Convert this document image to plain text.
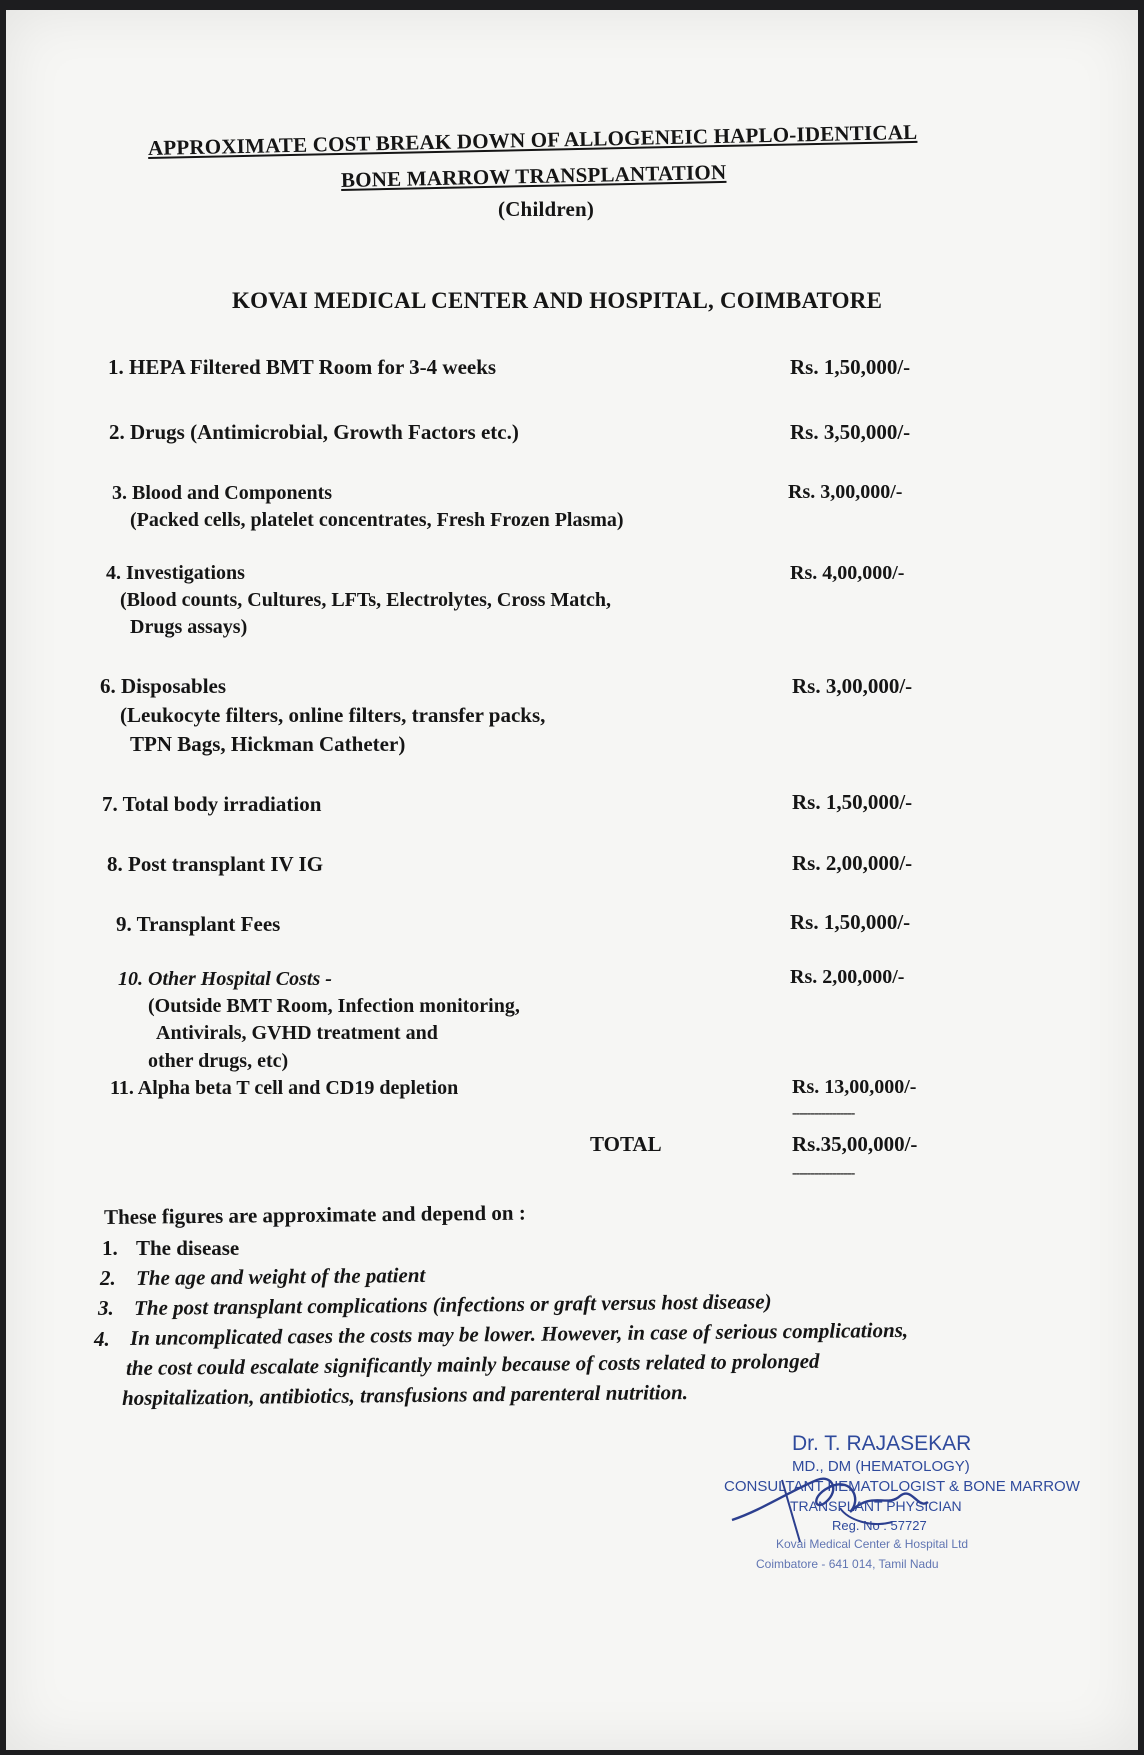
APPROXIMATE COST BREAK DOWN OF ALLOGENEIC HAPLO-IDENTICAL
BONE MARROW TRANSPLANTATION
(Children)
KOVAI MEDICAL CENTER AND HOSPITAL, COIMBATORE
1. HEPA Filtered BMT Room for 3-4 weeks	Rs. 1,50,000/-
2. Drugs (Antimicrobial, Growth Factors etc.)	Rs. 3,50,000/-
3. Blood and Components
(Packed cells, platelet concentrates, Fresh Frozen Plasma)
Rs. 3,00,000/-
4. Investigations
(Blood counts, Cultures, LFTs, Electrolytes, Cross Match,
Drugs assays)
Rs. 4,00,000/-
6. Disposables
(Leukocyte filters, online filters, transfer packs,
TPN Bags, Hickman Catheter)
Rs. 3,00,000/-
7. Total body irradiation	Rs. 1,50,000/-
8. Post transplant IV IG	Rs. 2,00,000/-
9. Transplant Fees	Rs. 1,50,000/-
10. Other Hospital Costs -
(Outside BMT Room, Infection monitoring,
Antivirals, GVHD treatment and
other drugs, etc)
Rs. 2,00,000/-
11. Alpha beta T cell and CD19 depletion	Rs. 13,00,000/-
-----------------
TOTAL	Rs.35,00,000/-
-----------------
These figures are approximate and depend on :
1. The disease
2. The age and weight of the patient
3. The post transplant complications (infections or graft versus host disease)
4. In uncomplicated cases the costs may be lower. However, in case of serious complications,
the cost could escalate significantly mainly because of costs related to prolonged
hospitalization, antibiotics, transfusions and parenteral nutrition.
Dr. T. RAJASEKAR
MD., DM (HEMATOLOGY)
CONSULTANT HEMATOLOGIST & BONE MARROW
TRANSPLANT PHYSICIAN
Reg. No : 57727
Kovai Medical Center & Hospital Ltd
Coimbatore - 641 014, Tamil Nadu
